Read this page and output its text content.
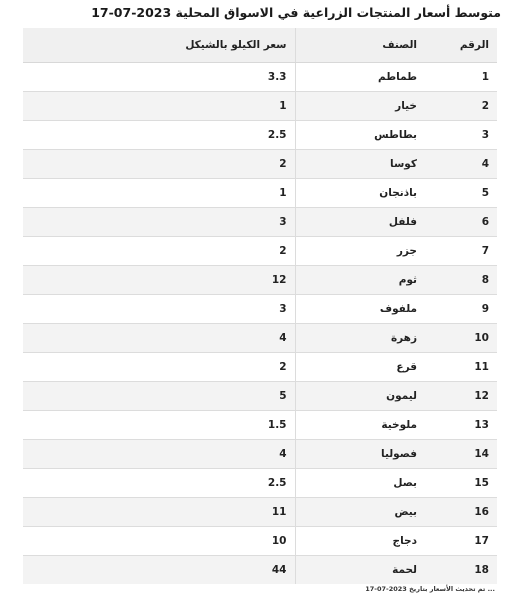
متوسط أسعار المنتجات الزراعية في الاسواق المحلية 2023-07-17
الرقم	الصنف	سعر الكيلو بالشيكل
1	طماطم	3.3
2	خيار	1
3	بطاطس	2.5
4	كوسا	2
5	باذنجان	1
6	فلفل	3
7	جزر	2
8	ثوم	12
9	ملفوف	3
10	زهرة	4
11	قرع	2
12	ليمون	5
13	ملوخية	1.5
14	فصوليا	4
15	بصل	2.5
16	بيض	11
17	دجاج	10
18	لحمة	44
... تم تحديث الأسعار بتاريخ 2023-07-17
